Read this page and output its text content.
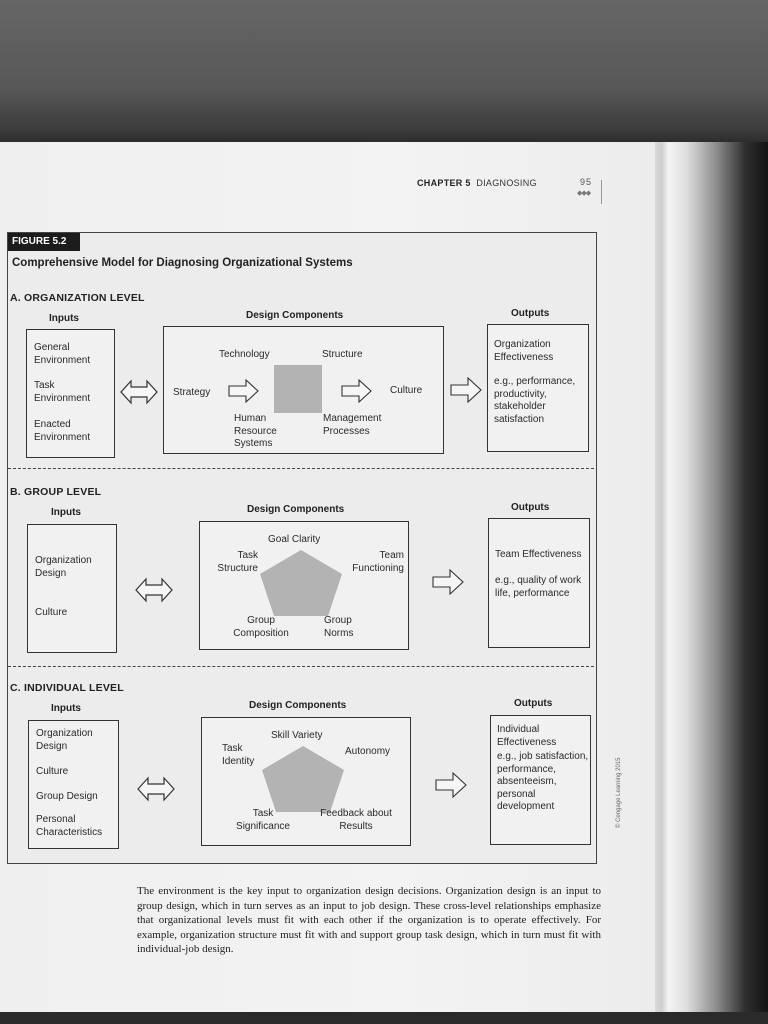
CHAPTER 5 DIAGNOSING	95
◆◆◆
FIGURE 5.2
Comprehensive Model for Diagnosing Organizational Systems
A. ORGANIZATION LEVEL
Inputs	Design Components	Outputs
General Environment
Task Environment
Enacted Environment
Technology	Structure
Strategy	Culture
Human Resource Systems
Management Processes
Organization Effectiveness
e.g., performance, productivity, stakeholder satisfaction
B. GROUP LEVEL
Inputs	Design Components	Outputs
Organization Design
Culture
Goal Clarity
Task Structure
Team Functioning
Group Composition
Group Norms
Team Effectiveness
e.g., quality of work life, performance
C. INDIVIDUAL LEVEL
Inputs	Design Components	Outputs
Organization Design
Culture
Group Design
Personal Characteristics
Skill Variety
Task Identity
Autonomy
Task Significance
Feedback about Results
Individual Effectiveness
e.g., job satisfaction, performance, absenteeism, personal development	© Cengage Learning 2015
The environment is the key input to organization design decisions. Organization design is an input to group design, which in turn serves as an input to job design. These cross-level relationships emphasize that organizational levels must fit with each other if the organization is to operate effectively. For example, organization structure must fit with and support group task design, which in turn must fit with individual-job design.
